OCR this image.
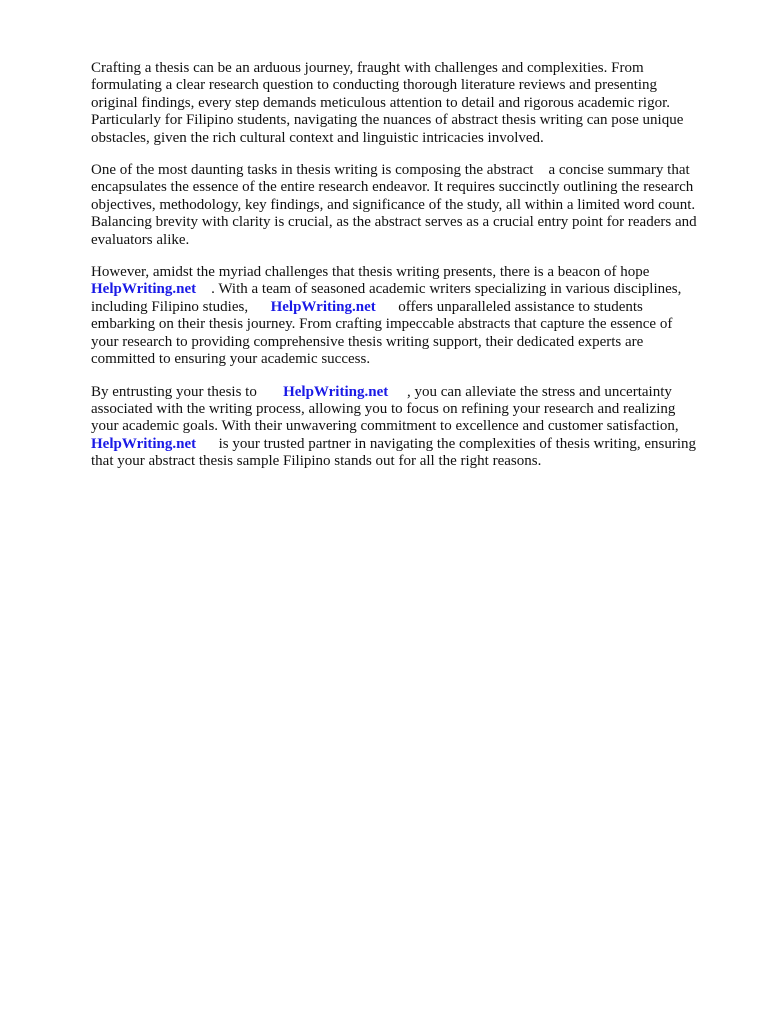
Crafting a thesis can be an arduous journey, fraught with challenges and complexities. From
formulating a clear research question to conducting thorough literature reviews and presenting
original findings, every step demands meticulous attention to detail and rigorous academic rigor.
Particularly for Filipino students, navigating the nuances of abstract thesis writing can pose unique
obstacles, given the rich cultural context and linguistic intricacies involved.

One of the most daunting tasks in thesis writing is composing the abstract    a concise summary that
encapsulates the essence of the entire research endeavor. It requires succinctly outlining the research
objectives, methodology, key findings, and significance of the study, all within a limited word count.
Balancing brevity with clarity is crucial, as the abstract serves as a crucial entry point for readers and
evaluators alike.

However, amidst the myriad challenges that thesis writing presents, there is a beacon of hope
HelpWriting.net    . With a team of seasoned academic writers specializing in various disciplines,
including Filipino studies,      HelpWriting.net      offers unparalleled assistance to students
embarking on their thesis journey. From crafting impeccable abstracts that capture the essence of
your research to providing comprehensive thesis writing support, their dedicated experts are
committed to ensuring your academic success.

By entrusting your thesis to       HelpWriting.net     , you can alleviate the stress and uncertainty
associated with the writing process, allowing you to focus on refining your research and realizing
your academic goals. With their unwavering commitment to excellence and customer satisfaction,
HelpWriting.net      is your trusted partner in navigating the complexities of thesis writing, ensuring
that your abstract thesis sample Filipino stands out for all the right reasons.
